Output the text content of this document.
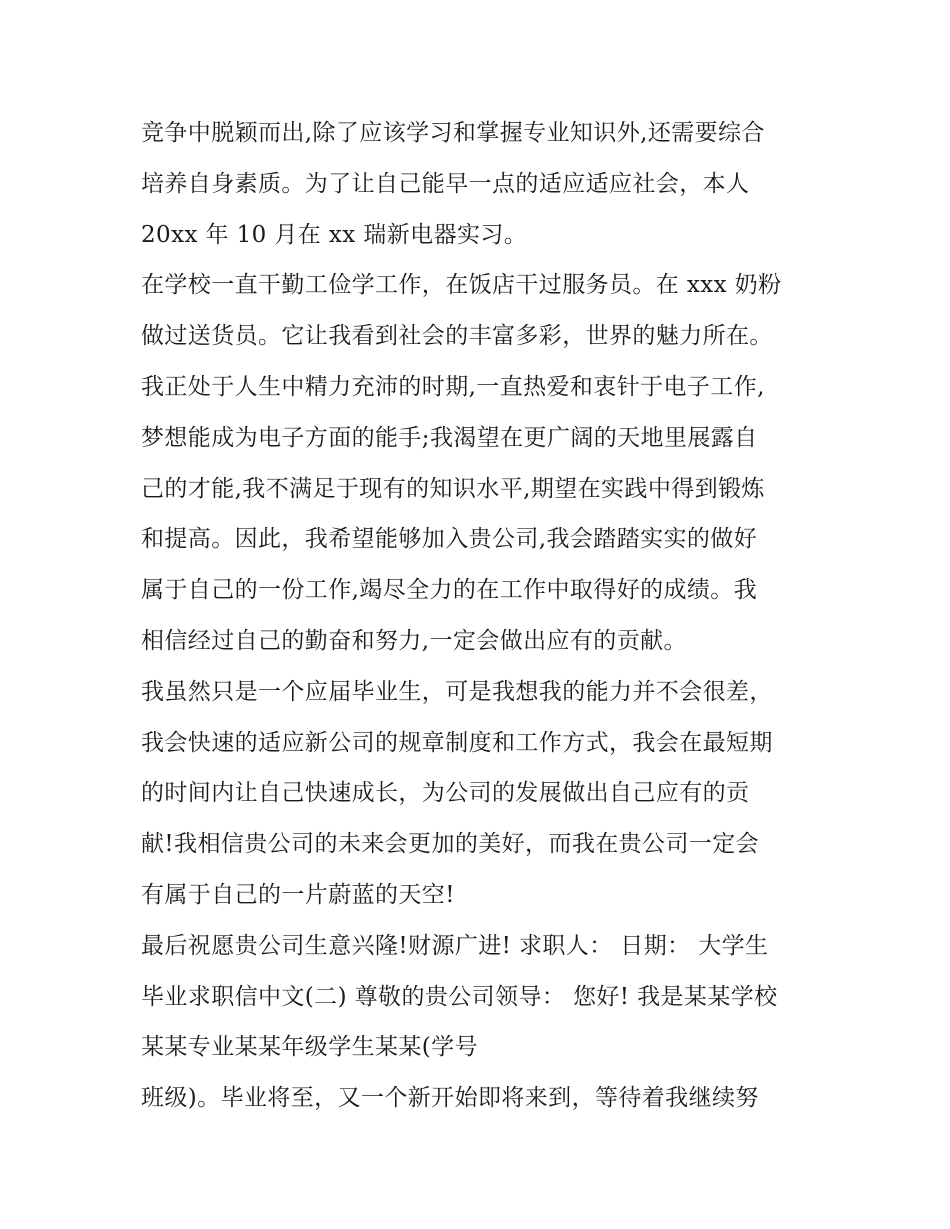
竞争中脱颖而出,除了应该学习和掌握专业知识外,还需要综合
培养自身素质。为了让自己能早一点的适应适应社会，本人
20xx 年 10 月在 xx 瑞新电器实习。
在学校一直干勤工俭学工作，在饭店干过服务员。在 xxx 奶粉
做过送货员。它让我看到社会的丰富多彩，世界的魅力所在。
我正处于人生中精力充沛的时期,一直热爱和衷针于电子工作,
梦想能成为电子方面的能手;我渴望在更广阔的天地里展露自
己的才能,我不满足于现有的知识水平,期望在实践中得到锻炼
和提高。因此，我希望能够加入贵公司,我会踏踏实实的做好
属于自己的一份工作,竭尽全力的在工作中取得好的成绩。我
相信经过自己的勤奋和努力,一定会做出应有的贡献。
我虽然只是一个应届毕业生，可是我想我的能力并不会很差，
我会快速的适应新公司的规章制度和工作方式，我会在最短期
的时间内让自己快速成长，为公司的发展做出自己应有的贡
献!我相信贵公司的未来会更加的美好，而我在贵公司一定会
有属于自己的一片蔚蓝的天空!
最后祝愿贵公司生意兴隆!财源广进! 求职人： 日期： 大学生
毕业求职信中文(二) 尊敬的贵公司领导： 您好! 我是某某学校
某某专业某某年级学生某某(学号
班级)。毕业将至，又一个新开始即将来到，等待着我继续努
